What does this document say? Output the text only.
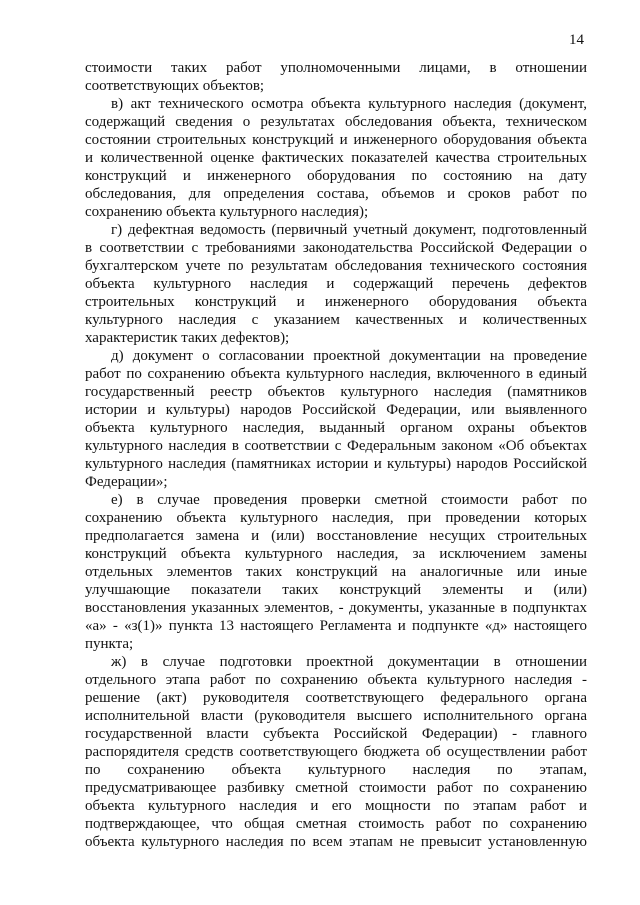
14
стоимости таких работ уполномоченными лицами, в отношении
соответствующих объектов;
в) акт технического осмотра объекта культурного наследия (документ,
содержащий сведения о результатах обследования объекта, техническом
состоянии строительных конструкций и инженерного оборудования объекта
и количественной оценке фактических показателей качества строительных
конструкций и инженерного оборудования по состоянию на дату
обследования, для определения состава, объемов и сроков работ по
сохранению объекта культурного наследия);
г) дефектная ведомость (первичный учетный документ, подготовленный
в соответствии с требованиями законодательства Российской Федерации о
бухгалтерском учете по результатам обследования технического состояния
объекта культурного наследия и содержащий перечень дефектов
строительных конструкций и инженерного оборудования объекта
культурного наследия с указанием качественных и количественных
характеристик таких дефектов);
д) документ о согласовании проектной документации на проведение
работ по сохранению объекта культурного наследия, включенного в единый
государственный реестр объектов культурного наследия (памятников
истории и культуры) народов Российской Федерации, или выявленного
объекта культурного наследия, выданный органом охраны объектов
культурного наследия в соответствии с Федеральным законом «Об объектах
культурного наследия (памятниках истории и культуры) народов Российской
Федерации»;
е) в случае проведения проверки сметной стоимости работ по
сохранению объекта культурного наследия, при проведении которых
предполагается замена и (или) восстановление несущих строительных
конструкций объекта культурного наследия, за исключением замены
отдельных элементов таких конструкций на аналогичные или иные
улучшающие показатели таких конструкций элементы и (или)
восстановления указанных элементов, - документы, указанные в подпунктах
«а» - «з(1)» пункта 13 настоящего Регламента и подпункте «д» настоящего
пункта;
ж) в случае подготовки проектной документации в отношении
отдельного этапа работ по сохранению объекта культурного наследия -
решение (акт) руководителя соответствующего федерального органа
исполнительной власти (руководителя высшего исполнительного органа
государственной власти субъекта Российской Федерации) - главного
распорядителя средств соответствующего бюджета об осуществлении работ
по сохранению объекта культурного наследия по этапам,
предусматривающее разбивку сметной стоимости работ по сохранению
объекта культурного наследия и его мощности по этапам работ и
подтверждающее, что общая сметная стоимость работ по сохранению
объекта культурного наследия по всем этапам не превысит установленную
